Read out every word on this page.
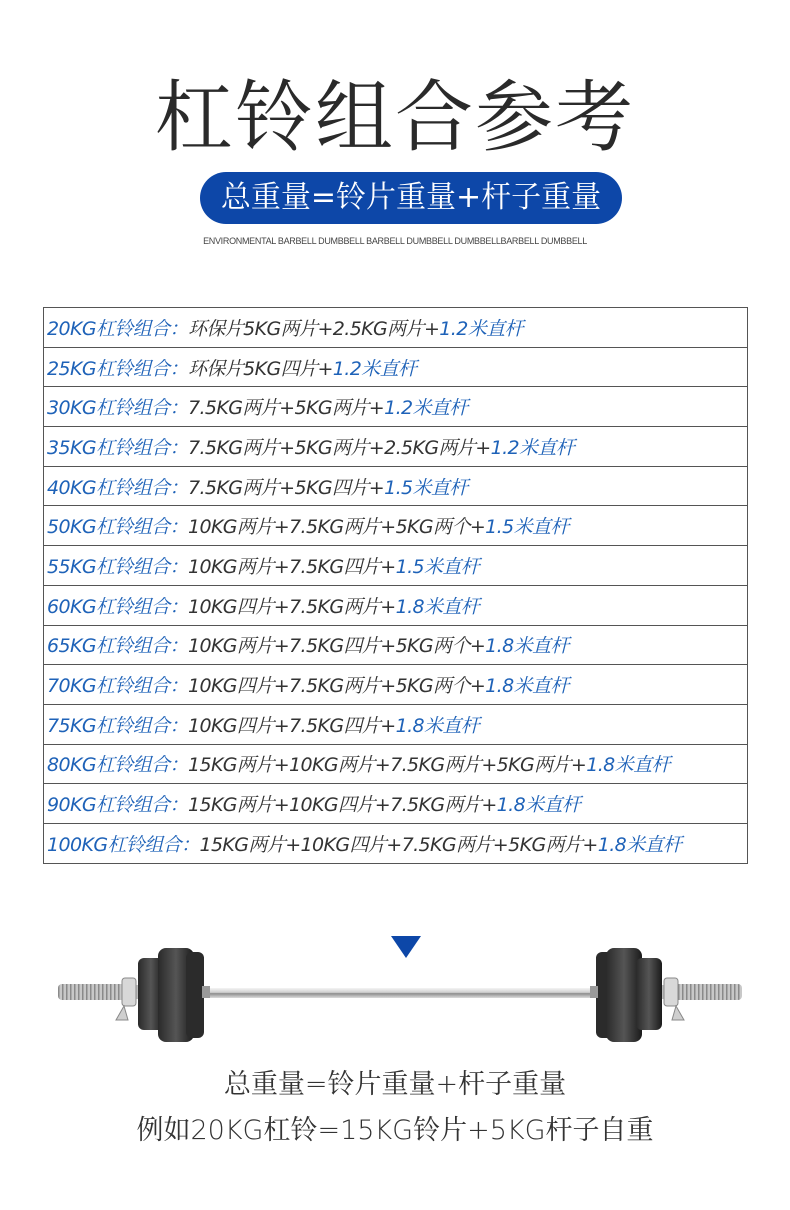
杠铃组合参考
总重量=铃片重量+杆子重量
ENVIRONMENTAL BARBELL DUMBBELL BARBELL DUMBBELL DUMBBELLBARBELL DUMBBELL
20KG杠铃组合： 环保片5KG两片+2.5KG两片+ 1.2米直杆
25KG杠铃组合： 环保片5KG四片+ 1.2米直杆
30KG杠铃组合： 7.5KG两片+5KG两片+ 1.2米直杆
35KG杠铃组合： 7.5KG两片+5KG两片+2.5KG两片+ 1.2米直杆
40KG杠铃组合： 7.5KG两片+5KG四片+ 1.5米直杆
50KG杠铃组合： 10KG两片+7.5KG两片+5KG两个+ 1.5米直杆
55KG杠铃组合： 10KG两片+7.5KG四片+ 1.5米直杆
60KG杠铃组合： 10KG四片+7.5KG两片+ 1.8米直杆
65KG杠铃组合： 10KG两片+7.5KG四片+5KG两个+ 1.8米直杆
70KG杠铃组合： 10KG四片+7.5KG两片+5KG两个+ 1.8米直杆
75KG杠铃组合： 10KG四片+7.5KG四片+ 1.8米直杆
80KG杠铃组合： 15KG两片+10KG两片+7.5KG两片+5KG两片+ 1.8米直杆
90KG杠铃组合： 15KG两片+10KG四片+7.5KG两片+ 1.8米直杆
100KG杠铃组合： 15KG两片+10KG四片+7.5KG两片+5KG两片+ 1.8米直杆
总重量=铃片重量+杆子重量
例如20KG杠铃=15KG铃片+5KG杆子自重
